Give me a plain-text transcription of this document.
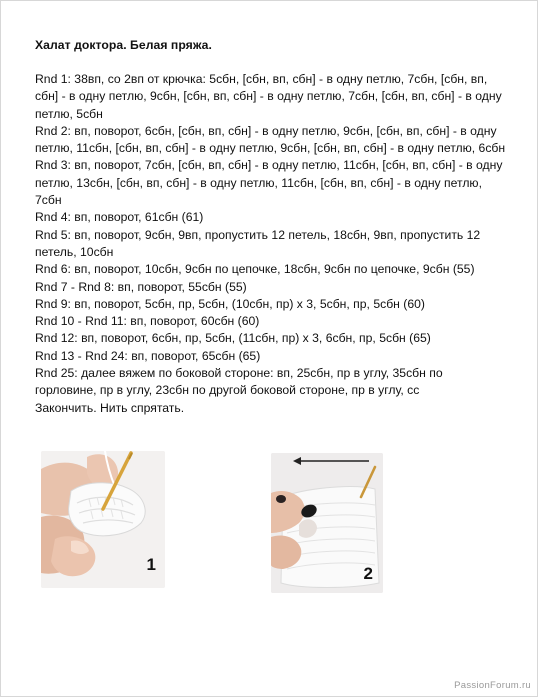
Халат доктора. Белая пряжа.
Rnd 1: 38вп, со 2вп от крючка: 5сбн, [сбн, вп, сбн] - в одну петлю, 7сбн, [сбн, вп, сбн] - в одну петлю, 9сбн, [сбн, вп, сбн] - в одну петлю, 7сбн, [сбн, вп, сбн] - в одну петлю, 5сбн
Rnd 2: вп, поворот, 6сбн, [сбн, вп, сбн] - в одну петлю, 9сбн, [сбн, вп, сбн] - в одну петлю, 11сбн, [сбн, вп, сбн] - в одну петлю, 9сбн, [сбн, вп, сбн] - в одну петлю, 6сбн
Rnd 3: вп, поворот, 7сбн, [сбн, вп, сбн] - в одну петлю, 11сбн, [сбн, вп, сбн] - в одну петлю, 13сбн, [сбн, вп, сбн] - в одну петлю, 11сбн, [сбн, вп, сбн] - в одну петлю, 7сбн
Rnd 4: вп, поворот, 61сбн (61)
Rnd 5: вп, поворот, 9сбн, 9вп, пропустить 12 петель, 18сбн, 9вп, пропустить 12 петель, 10сбн
Rnd 6: вп, поворот, 10сбн, 9сбн по цепочке, 18сбн, 9сбн по цепочке, 9сбн (55)
Rnd 7 - Rnd 8: вп, поворот, 55сбн (55)
Rnd 9: вп, поворот, 5сбн, пр, 5сбн, (10сбн, пр) х 3, 5сбн, пр, 5сбн (60)
Rnd 10 - Rnd 11: вп, поворот, 60сбн (60)
Rnd 12: вп, поворот, 6сбн, пр, 5сбн, (11сбн, пр) х 3, 6сбн, пр, 5сбн (65)
Rnd 13 - Rnd 24: вп, поворот, 65сбн (65)
Rnd 25: далее вяжем по боковой стороне: вп, 25сбн, пр в углу, 35сбн по горловине, пр в углу, 23сбн по другой боковой стороне, пр в углу, сс
Закончить. Нить спрятать.
1	2
PassionForum.ru
